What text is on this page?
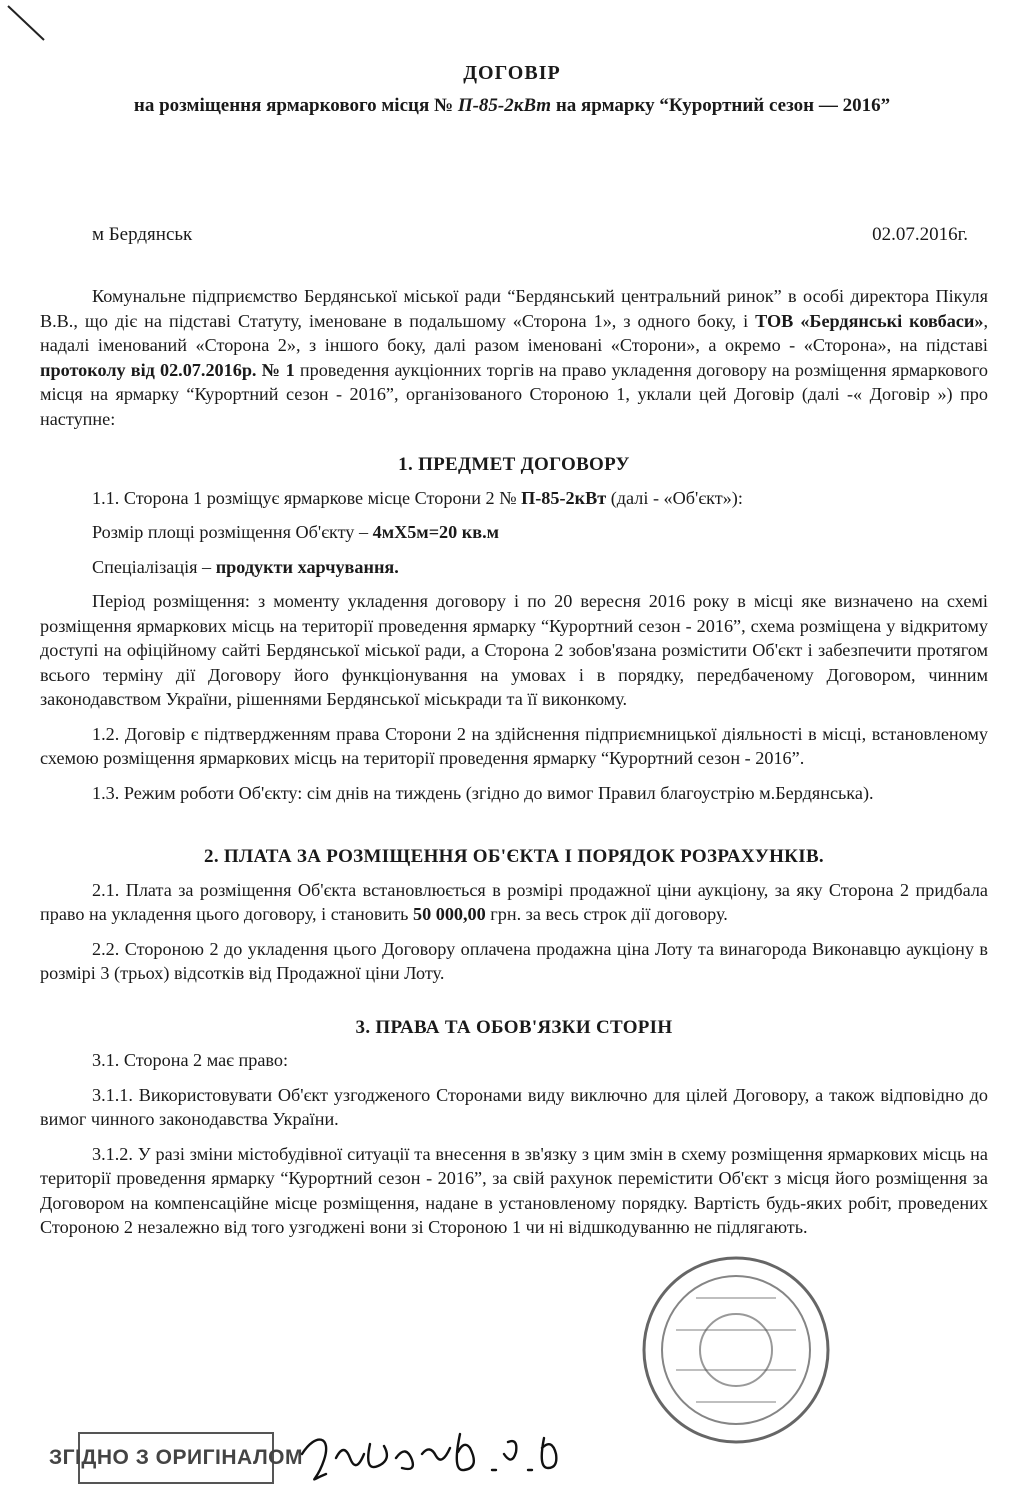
ДОГОВІР

на розміщення ярмаркового місця № П-85-2кВт на ярмарку “Курортний сезон — 2016”

м Бердянськ	02.07.2016г.

Комунальне підприємство Бердянської міської ради “Бердянський центральний ринок” в особі директора Пікуля В.В., що діє на підставі Статуту, іменоване в подальшому «Сторона 1», з одного боку, і ТОВ «Бердянські ковбаси», надалі іменований «Сторона 2», з іншого боку, далі разом іменовані «Сторони», а окремо - «Сторона», на підставі протоколу від 02.07.2016р. № 1 проведення аукціонних торгів на право укладення договору на розміщення ярмаркового місця на ярмарку “Курортний сезон - 2016”, організованого Стороною 1, уклали цей Договір (далі -« Договір ») про наступне:

1. ПРЕДМЕТ ДОГОВОРУ

1.1. Сторона 1 розміщує ярмаркове місце Сторони 2 № П-85-2кВт (далі - «Об'єкт»):

Розмір площі розміщення Об'єкту – 4мХ5м=20 кв.м

Спеціалізація – продукти харчування.

Період розміщення: з моменту укладення договору і по 20 вересня 2016 року в місці яке визначено на схемі розміщення ярмаркових місць на території проведення ярмарку “Курортний сезон - 2016”, схема розміщена у відкритому доступі на офіційному сайті Бердянської міської ради, а Сторона 2 зобов'язана розмістити Об'єкт і забезпечити протягом всього терміну дії Договору його функціонування на умовах і в порядку, передбаченому Договором, чинним законодавством України, рішеннями Бердянської міськради та її виконкому.

1.2. Договір є підтвердженням права Сторони 2 на здійснення підприємницької діяльності в місці, встановленому схемою розміщення ярмаркових місць на території проведення ярмарку “Курортний сезон - 2016”.

1.3. Режим роботи Об'єкту: сім днів на тиждень (згідно до вимог Правил благоустрію м.Бердянська).

2. ПЛАТА ЗА РОЗМІЩЕННЯ ОБ'ЄКТА І ПОРЯДОК РОЗРАХУНКІВ.

2.1. Плата за розміщення Об'єкта встановлюється в розмірі продажної ціни аукціону, за яку Сторона 2 придбала право на укладення цього договору, і становить 50 000,00 грн. за весь строк дії договору.

2.2. Стороною 2 до укладення цього Договору оплачена продажна ціна Лоту та винагорода Виконавцю аукціону в розмірі 3 (трьох) відсотків від Продажної ціни Лоту.

3. ПРАВА ТА ОБОВ'ЯЗКИ СТОРІН

3.1. Сторона 2 має право:

3.1.1. Використовувати Об'єкт узгодженого Сторонами виду виключно для цілей Договору, а також відповідно до вимог чинного законодавства України.

3.1.2. У разі зміни містобудівної ситуації та внесення в зв'язку з цим змін в схему розміщення ярмаркових місць на території проведення ярмарку “Курортний сезон - 2016”, за свій рахунок перемістити Об'єкт з місця його розміщення за Договором на компенсаційне місце розміщення, надане в установленому порядку. Вартість будь-яких робіт, проведених Стороною 2 незалежно від того узгоджені вони зі Стороною 1 чи ні відшкодуванню не підлягають.

ЗГІДНО З ОРИГІНАЛОМ
